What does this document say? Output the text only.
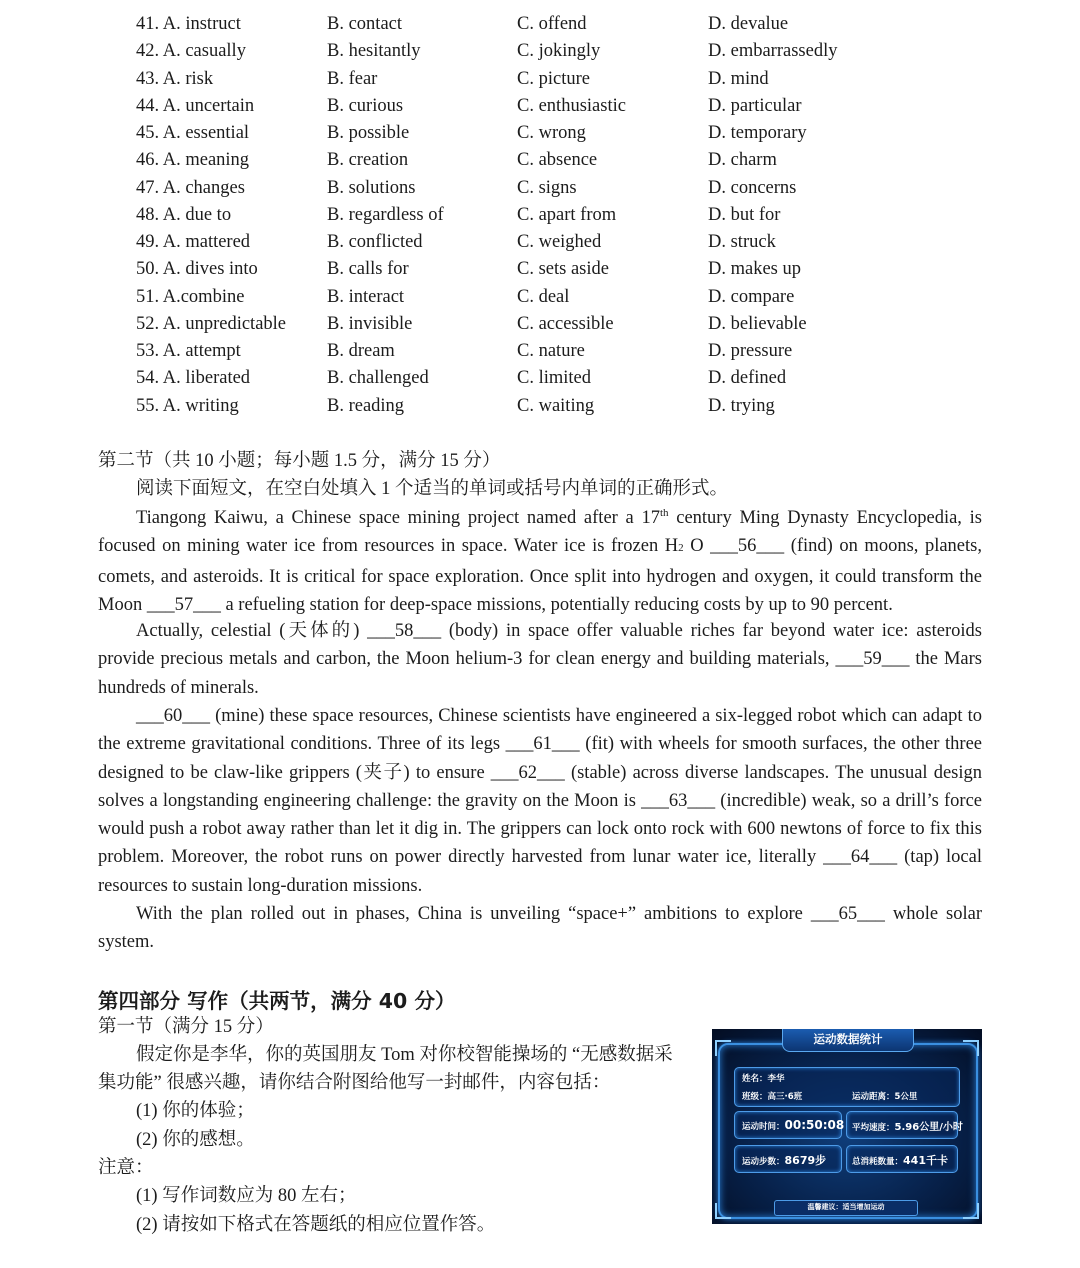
41. A. instruct	B. contact	C. offend	D. devalue
42. A. casually	B. hesitantly	C. jokingly	D. embarrassedly
43. A. risk	B. fear	C. picture	D. mind
44. A. uncertain	B. curious	C. enthusiastic	D. particular
45. A. essential	B. possible	C. wrong	D. temporary
46. A. meaning	B. creation	C. absence	D. charm
47. A. changes	B. solutions	C. signs	D. concerns
48. A. due to	B. regardless of	C. apart from	D. but for
49. A. mattered	B. conflicted	C. weighed	D. struck
50. A. dives into	B. calls for	C. sets aside	D. makes up
51. A.combine	B. interact	C. deal	D. compare
52. A. unpredictable B. invisible	C. accessible	D. believable
53. A. attempt	B. dream	C. nature	D. pressure
54. A. liberated	B. challenged	C. limited	D. defined
55. A. writing	B. reading	C. waiting	D. trying
第二节（共 10 小题；每小题 1.5 分，满分 15 分）
阅读下面短文，在空白处填入 1 个适当的单词或括号内单词的正确形式。

Tiangong Kaiwu, a Chinese space mining project named after a 17th century Ming Dynasty Encyclopedia, is focused on mining water ice from resources in space. Water ice is frozen H2 O ___56___ (find) on moons, planets, comets, and asteroids. It is critical for space exploration. Once split into hydrogen and oxygen, it could transform the Moon ___57___ a refueling station for deep-space missions, potentially reducing costs by up to 90 percent.

Actually, celestial (天体的) ___58___ (body) in space offer valuable riches far beyond water ice: asteroids provide precious metals and carbon, the Moon helium-3 for clean energy and building materials, ___59___ the Mars hundreds of minerals.

___60___ (mine) these space resources, Chinese scientists have engineered a six-legged robot which can adapt to the extreme gravitational conditions. Three of its legs ___61___ (fit) with wheels for smooth surfaces, the other three designed to be claw-like grippers (夹子) to ensure ___62___ (stable) across diverse landscapes. The unusual design solves a longstanding engineering challenge: the gravity on the Moon is ___63___ (incredible) weak, so a drill’s force would push a robot away rather than let it dig in. The grippers can lock onto rock with 600 newtons of force to fix this problem. Moreover, the robot runs on power directly harvested from lunar water ice, literally ___64___ (tap) local resources to sustain long-duration missions.

With the plan rolled out in phases, China is unveiling “space+” ambitions to explore ___65___ whole solar system.

第四部分 写作（共两节，满分 40 分）
第一节（满分 15 分）
假定你是李华，你的英国朋友 Tom 对你校智能操场的 “无感数据采
集功能” 很感兴趣，请你结合附图给他写一封邮件，内容包括：
(1) 你的体验；
(2) 你的感想。
注意：
(1) 写作词数应为 80 左右；
(2) 请按如下格式在答题纸的相应位置作答。
运动数据统计
姓名：李华
班级：高三·6班	运动距离：5公里
运动时间：00:50:08 平均速度：5.96公里/小时
运动步数：8679步	总消耗数量：441千卡
温馨建议：适当增加运动
